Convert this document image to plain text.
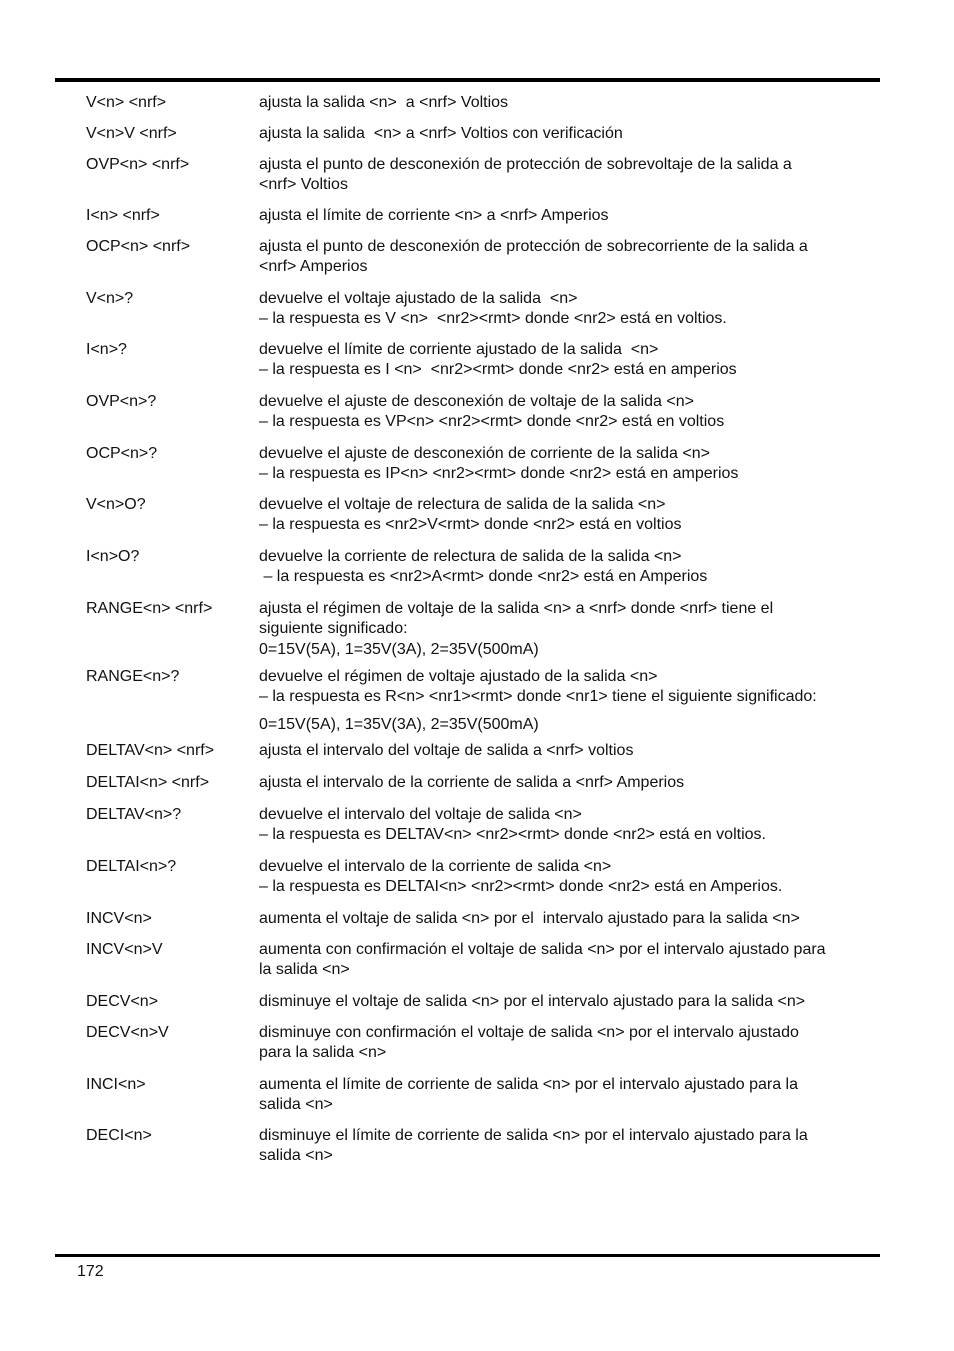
V<n> <nrf>	ajusta la salida <n>  a <nrf> Voltios
V<n>V <nrf>	ajusta la salida  <n> a <nrf> Voltios con verificación
OVP<n> <nrf>	ajusta el punto de desconexión de protección de sobrevoltaje de la salida a
<nrf> Voltios
I<n> <nrf>	ajusta el límite de corriente <n> a <nrf> Amperios
OCP<n> <nrf>	ajusta el punto de desconexión de protección de sobrecorriente de la salida a
<nrf> Amperios
V<n>?	devuelve el voltaje ajustado de la salida  <n>
– la respuesta es V <n>  <nr2><rmt> donde <nr2> está en voltios.
I<n>?	devuelve el límite de corriente ajustado de la salida  <n>
– la respuesta es I <n>  <nr2><rmt> donde <nr2> está en amperios
OVP<n>?	devuelve el ajuste de desconexión de voltaje de la salida <n>
– la respuesta es VP<n> <nr2><rmt> donde <nr2> está en voltios
OCP<n>?	devuelve el ajuste de desconexión de corriente de la salida <n>
– la respuesta es IP<n> <nr2><rmt> donde <nr2> está en amperios
V<n>O?	devuelve el voltaje de relectura de salida de la salida <n>
– la respuesta es <nr2>V<rmt> donde <nr2> está en voltios
I<n>O?	devuelve la corriente de relectura de salida de la salida <n>
– la respuesta es <nr2>A<rmt> donde <nr2> está en Amperios
RANGE<n> <nrf>	ajusta el régimen de voltaje de la salida <n> a <nrf> donde <nrf> tiene el
siguiente significado:
0=15V(5A), 1=35V(3A), 2=35V(500mA)
RANGE<n>?	devuelve el régimen de voltaje ajustado de la salida <n>
– la respuesta es R<n> <nr1><rmt> donde <nr1> tiene el siguiente significado:
0=15V(5A), 1=35V(3A), 2=35V(500mA)
DELTAV<n> <nrf>	ajusta el intervalo del voltaje de salida a <nrf> voltios
DELTAI<n> <nrf>	ajusta el intervalo de la corriente de salida a <nrf> Amperios
DELTAV<n>?	devuelve el intervalo del voltaje de salida <n>
– la respuesta es DELTAV<n> <nr2><rmt> donde <nr2> está en voltios.
DELTAI<n>?	devuelve el intervalo de la corriente de salida <n>
– la respuesta es DELTAI<n> <nr2><rmt> donde <nr2> está en Amperios.
INCV<n>	aumenta el voltaje de salida <n> por el  intervalo ajustado para la salida <n>
INCV<n>V	aumenta con confirmación el voltaje de salida <n> por el intervalo ajustado para
la salida <n>
DECV<n>	disminuye el voltaje de salida <n> por el intervalo ajustado para la salida <n>
DECV<n>V	disminuye con confirmación el voltaje de salida <n> por el intervalo ajustado
para la salida <n>
INCI<n>	aumenta el límite de corriente de salida <n> por el intervalo ajustado para la
salida <n>
DECI<n>	disminuye el límite de corriente de salida <n> por el intervalo ajustado para la
salida <n>
172
